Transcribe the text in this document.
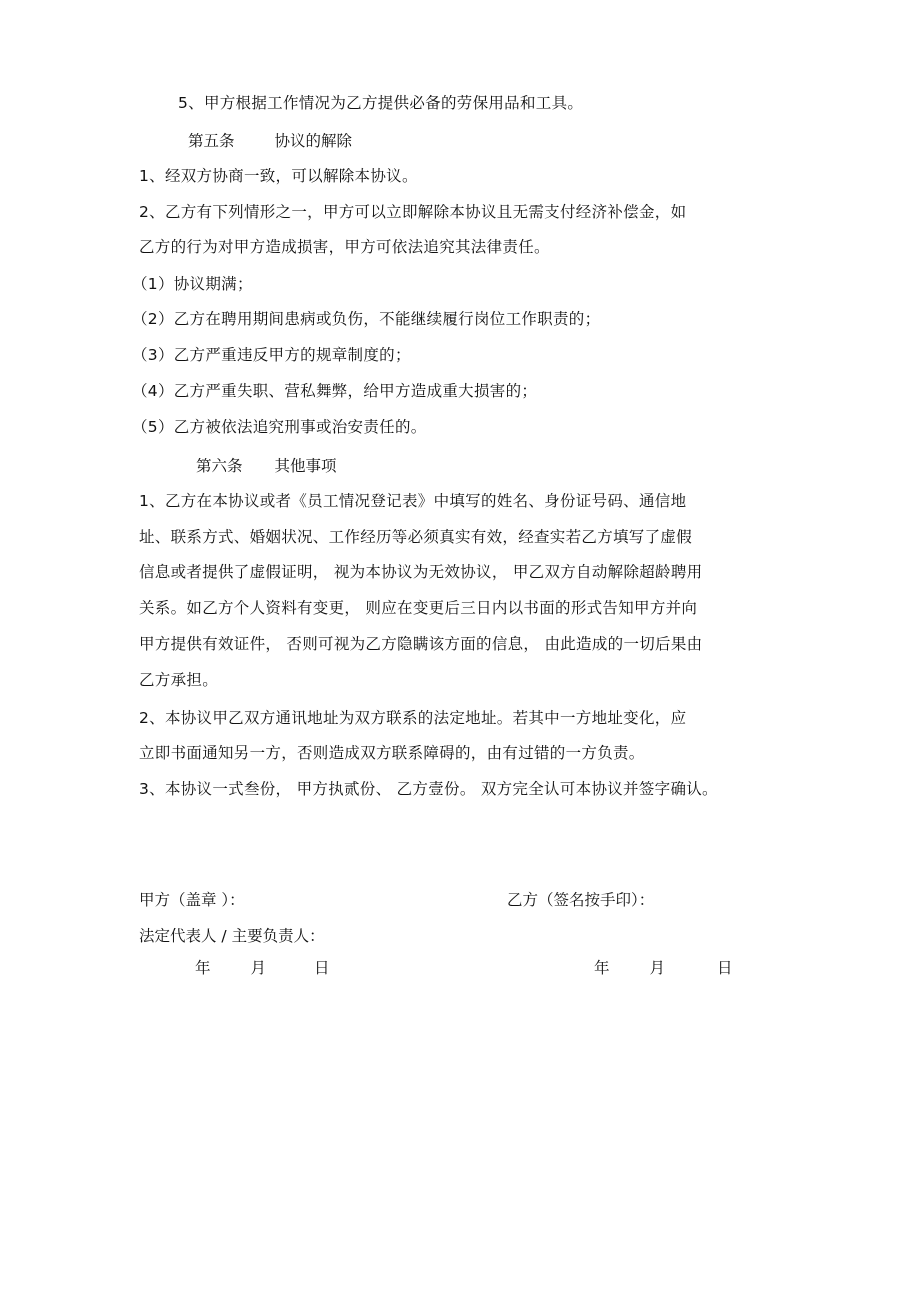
5、甲方根据工作情况为乙方提供必备的劳保用品和工具。
第五条	协议的解除
1、经双方协商一致，可以解除本协议。
2、乙方有下列情形之一，甲方可以立即解除本协议且无需支付经济补偿金，如
乙方的行为对甲方造成损害，甲方可依法追究其法律责任。
（1）协议期满；
（2）乙方在聘用期间患病或负伤，不能继续履行岗位工作职责的；
（3）乙方严重违反甲方的规章制度的；
（4）乙方严重失职、营私舞弊，给甲方造成重大损害的；
（5）乙方被依法追究刑事或治安责任的。
第六条 其他事项
1、乙方在本协议或者《员工情况登记表》中填写的姓名、身份证号码、通信地
址、联系方式、婚姻状况、工作经历等必须真实有效，经查实若乙方填写了虚假
信息或者提供了虚假证明， 视为本协议为无效协议， 甲乙双方自动解除超龄聘用
关系。如乙方个人资料有变更， 则应在变更后三日内以书面的形式告知甲方并向
甲方提供有效证件， 否则可视为乙方隐瞒该方面的信息， 由此造成的一切后果由
乙方承担。
2、本协议甲乙双方通讯地址为双方联系的法定地址。若其中一方地址变化，应
立即书面通知另一方，否则造成双方联系障碍的，由有过错的一方负责。
3、本协议一式叁份， 甲方执贰份、 乙方壹份。 双方完全认可本协议并签字确认。
甲方（盖章 ）：	乙方（签名按手印）：
法定代表人 / 主要负责人：
年	月	日	年	月	日
